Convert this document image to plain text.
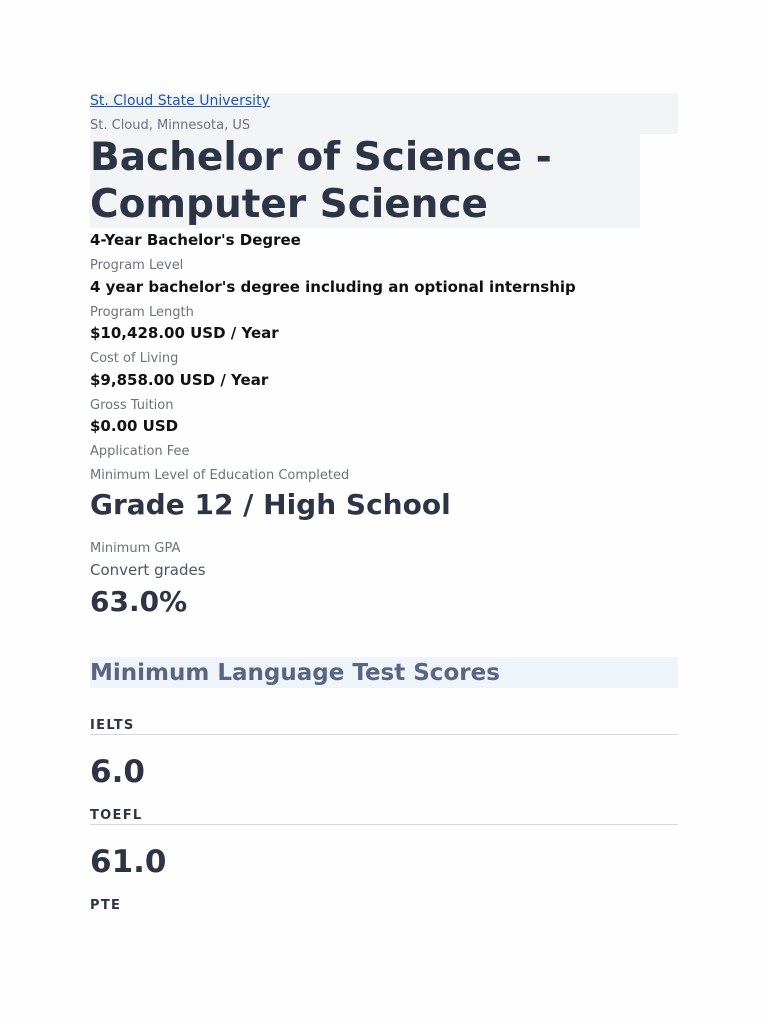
St. Cloud State University
St. Cloud, Minnesota, US
Bachelor of Science - Computer Science
4-Year Bachelor's Degree
Program Level
4 year bachelor's degree including an optional internship
Program Length
$10,428.00 USD / Year
Cost of Living
$9,858.00 USD / Year
Gross Tuition
$0.00 USD
Application Fee
Minimum Level of Education Completed
Grade 12 / High School
Minimum GPA
Convert grades
63.0%
Minimum Language Test Scores
IELTS
6.0
TOEFL
61.0
PTE
